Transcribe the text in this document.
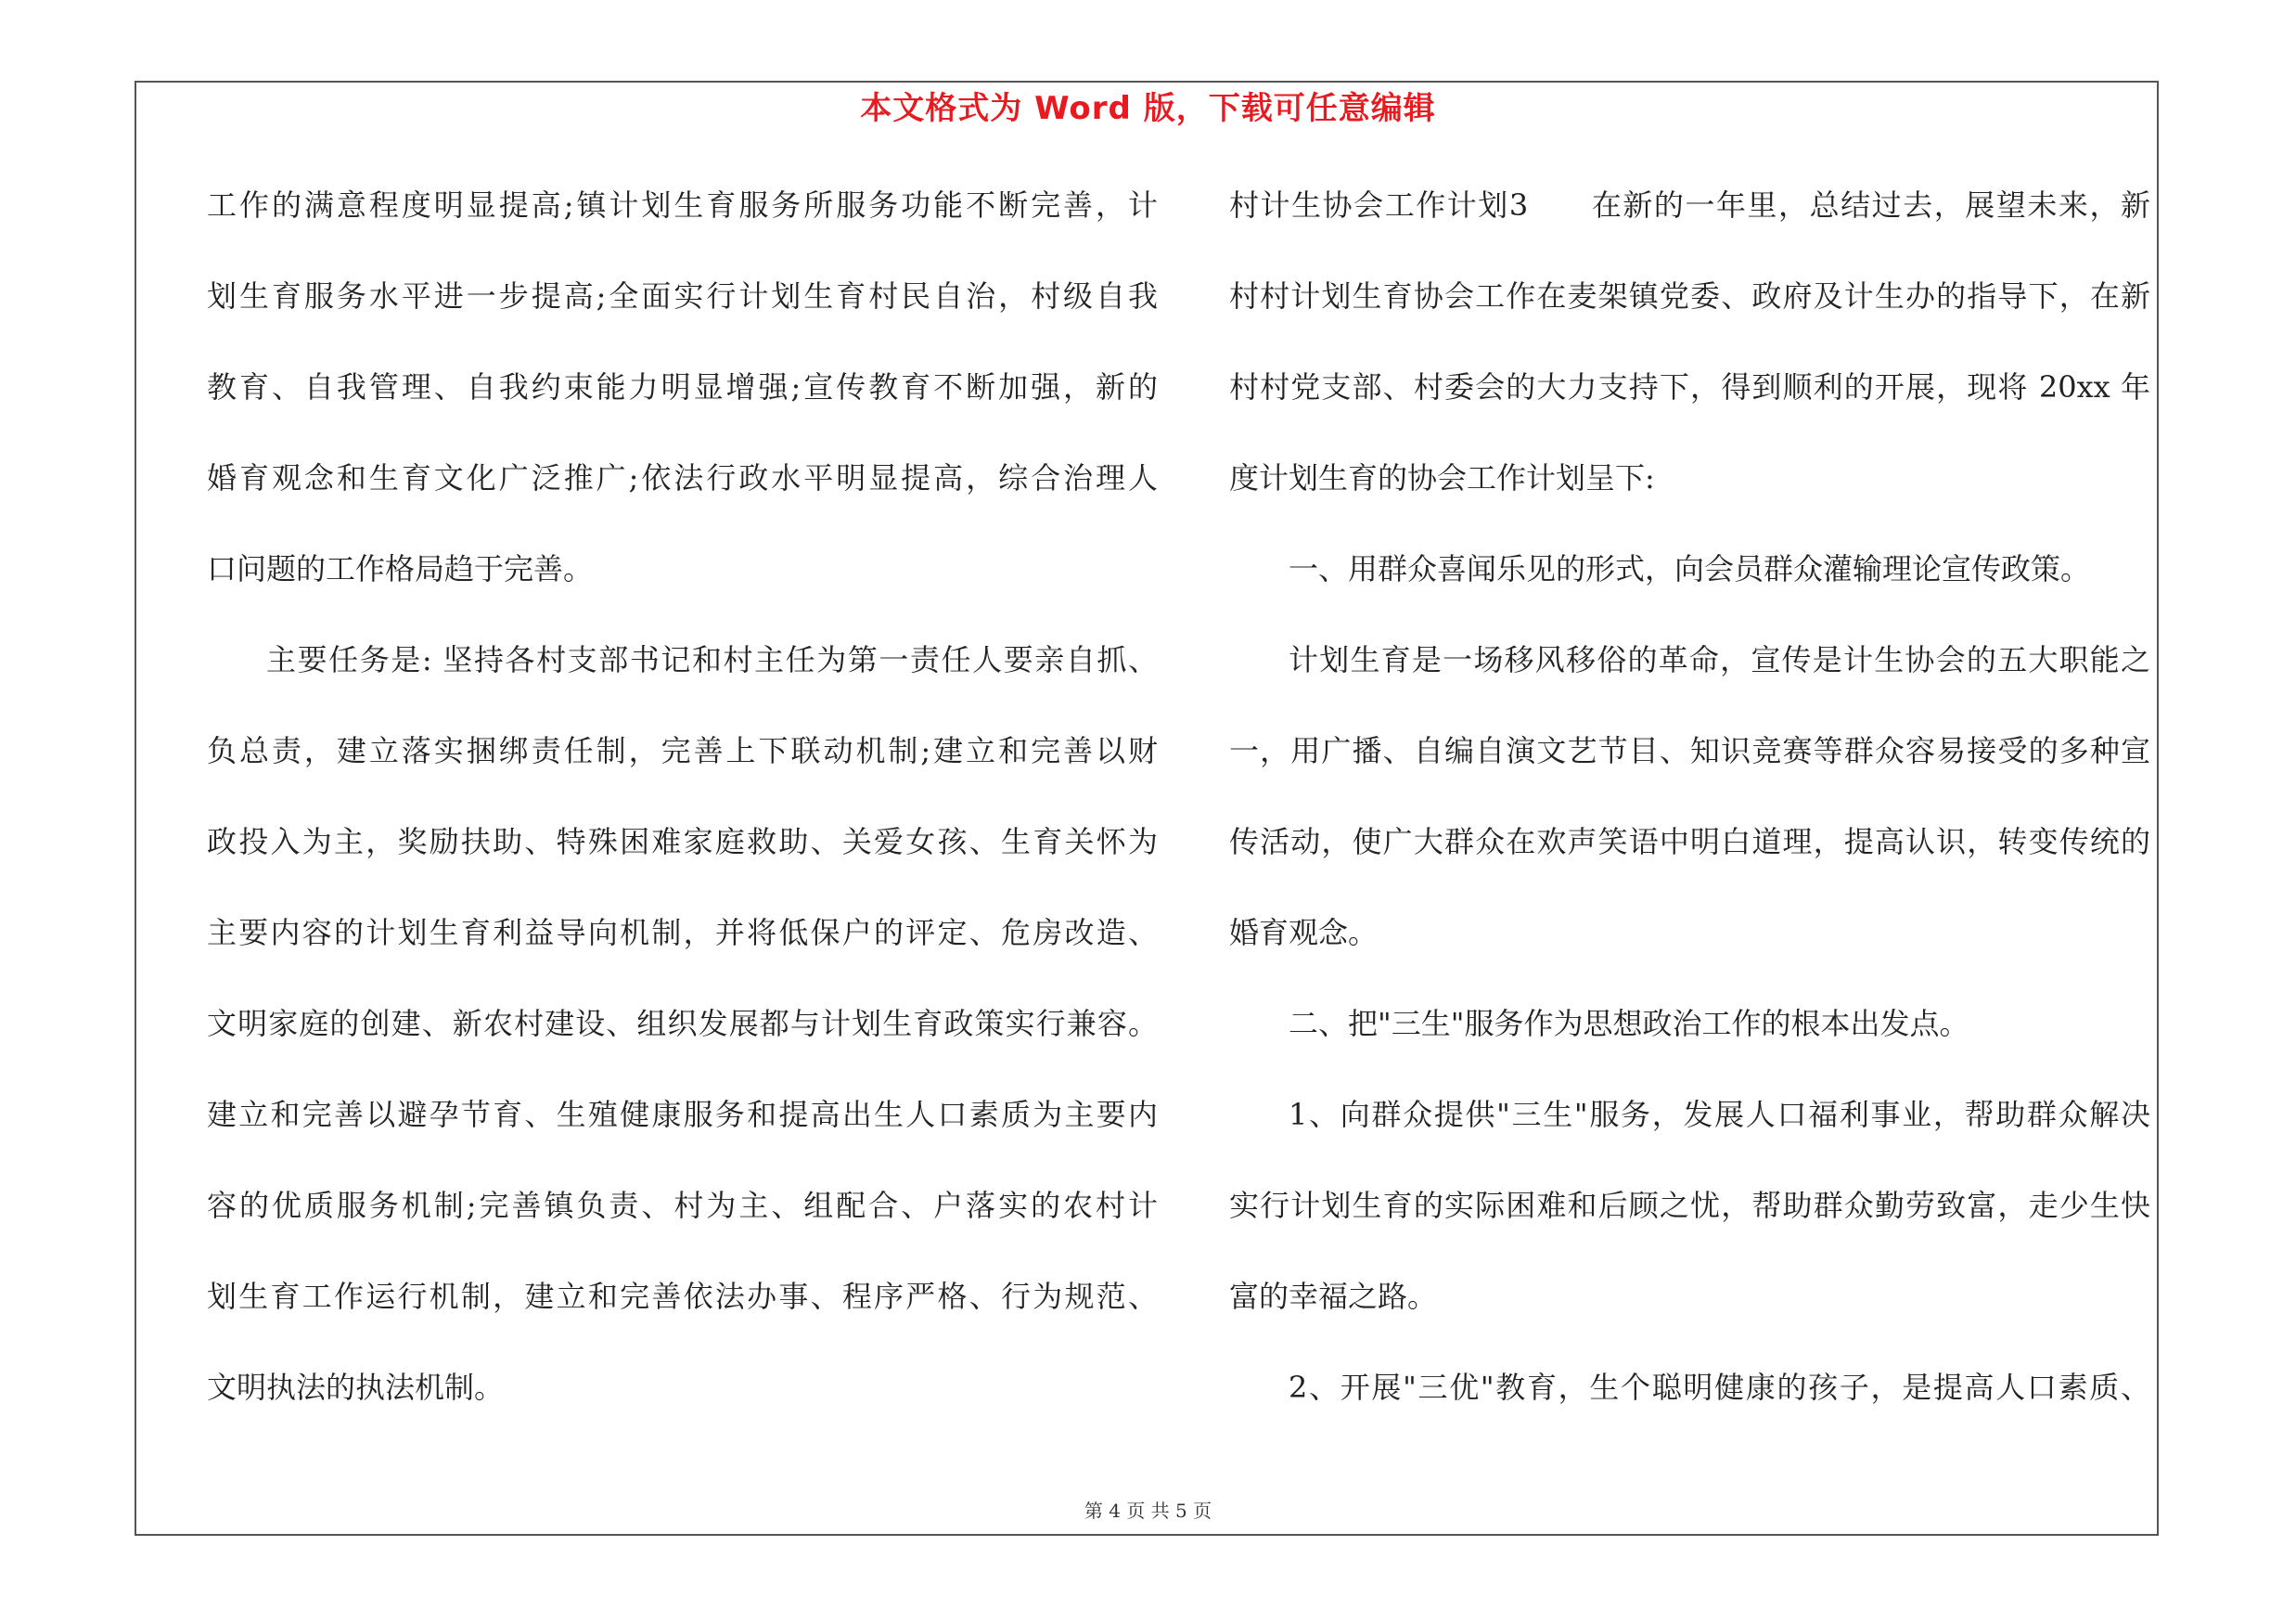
本文格式为 Word 版，下载可任意编辑
工作的满意程度明显提高;镇计划生育服务所服务功能不断完善，计
划生育服务水平进一步提高;全面实行计划生育村民自治，村级自我
教育、自我管理、自我约束能力明显增强;宣传教育不断加强，新的
婚育观念和生育文化广泛推广;依法行政水平明显提高，综合治理人
口问题的工作格局趋于完善。
主要任务是: 坚持各村支部书记和村主任为第一责任人要亲自抓、
负总责，建立落实捆绑责任制，完善上下联动机制;建立和完善以财
政投入为主，奖励扶助、特殊困难家庭救助、关爱女孩、生育关怀为
主要内容的计划生育利益导向机制，并将低保户的评定、危房改造、
文明家庭的创建、新农村建设、组织发展都与计划生育政策实行兼容。
建立和完善以避孕节育、生殖健康服务和提高出生人口素质为主要内
容的优质服务机制;完善镇负责、村为主、组配合、户落实的农村计
划生育工作运行机制，建立和完善依法办事、程序严格、行为规范、
文明执法的执法机制。
村计生协会工作计划3　　在新的一年里，总结过去，展望未来，新
村村计划生育协会工作在麦架镇党委、政府及计生办的指导下，在新
村村党支部、村委会的大力支持下，得到顺利的开展，现将 20xx 年
度计划生育的协会工作计划呈下:
一、用群众喜闻乐见的形式，向会员群众灌输理论宣传政策。
计划生育是一场移风移俗的革命，宣传是计生协会的五大职能之
一，用广播、自编自演文艺节目、知识竞赛等群众容易接受的多种宣
传活动，使广大群众在欢声笑语中明白道理，提高认识，转变传统的
婚育观念。
二、把"三生"服务作为思想政治工作的根本出发点。
1、向群众提供"三生"服务，发展人口福利事业，帮助群众解决
实行计划生育的实际困难和后顾之忧，帮助群众勤劳致富，走少生快
富的幸福之路。
2、开展"三优"教育，生个聪明健康的孩子，是提高人口素质、
第 4 页 共 5 页
